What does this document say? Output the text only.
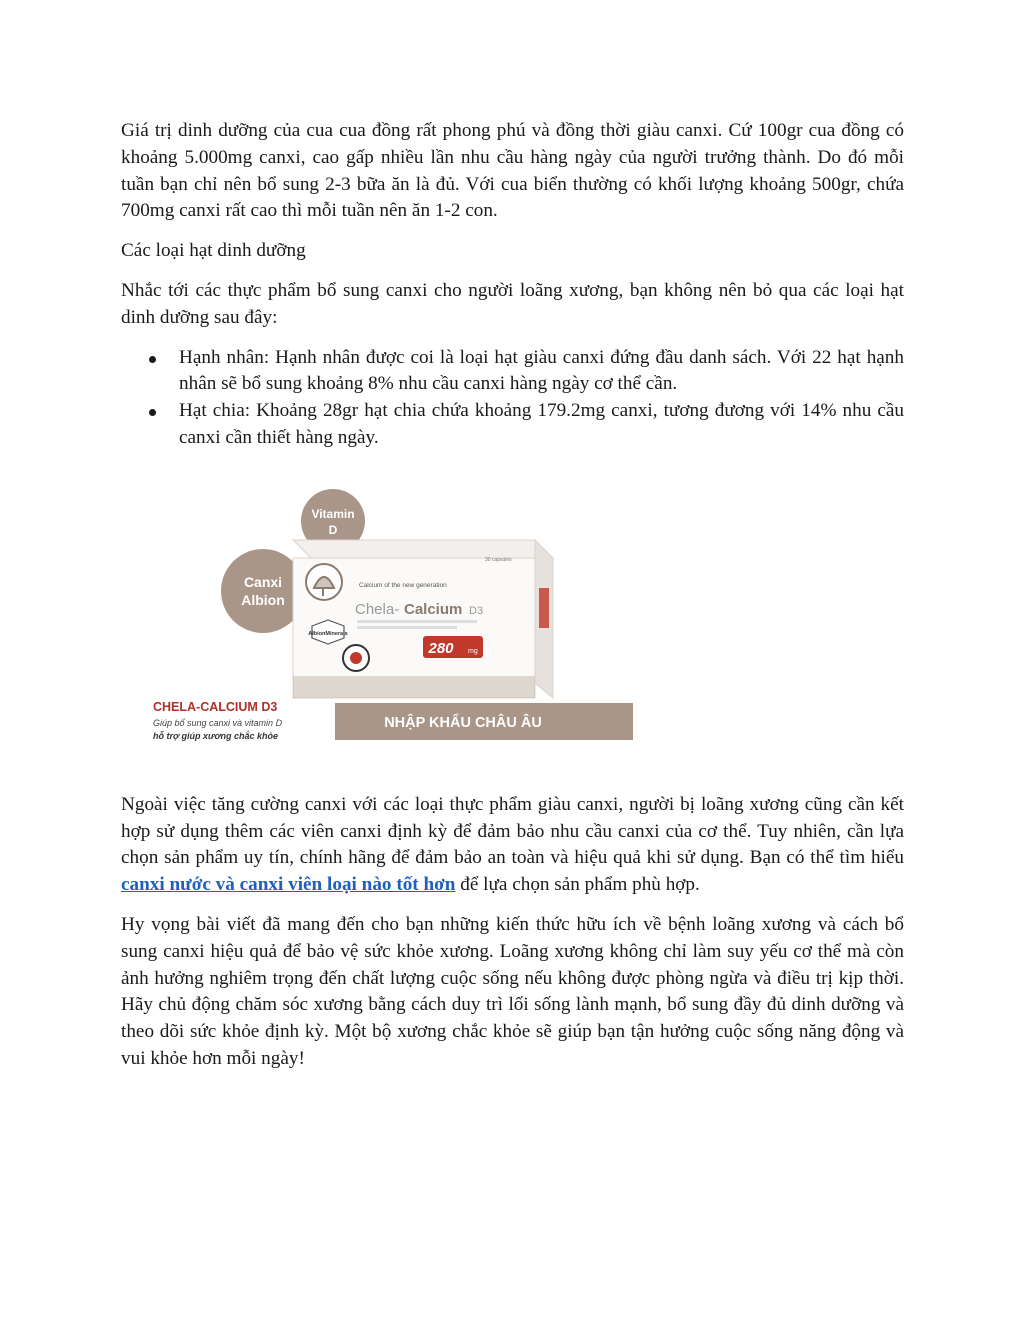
Giá trị dinh dưỡng của cua cua đồng rất phong phú và đồng thời giàu canxi. Cứ 100gr cua đồng có khoảng 5.000mg canxi, cao gấp nhiều lần nhu cầu hàng ngày của người trưởng thành. Do đó mỗi tuần bạn chỉ nên bổ sung 2-3 bữa ăn là đủ. Với cua biển thường có khối lượng khoảng 500gr, chứa 700mg canxi rất cao thì mỗi tuần nên ăn 1-2 con.

Các loại hạt dinh dưỡng

Nhắc tới các thực phẩm bổ sung canxi cho người loãng xương, bạn không nên bỏ qua các loại hạt dinh dưỡng sau đây:

Hạnh nhân: Hạnh nhân được coi là loại hạt giàu canxi đứng đầu danh sách. Với 22 hạt hạnh nhân sẽ bổ sung khoảng 8% nhu cầu canxi hàng ngày cơ thể cần.
Hạt chia: Khoảng 28gr hạt chia chứa khoảng 179.2mg canxi, tương đương với 14% nhu cầu canxi cần thiết hàng ngày.
Vitamin
D
Canxi
Albion
30 capsules
Calcium of the new generation
Chela- Calcium D3
AlbionMinerals
280 mg
CHELA-CALCIUM D3
Giúp bổ sung canxi và vitamin D
hỗ trợ giúp xương chắc khỏe
NHẬP KHẨU CHÂU ÂU

Ngoài việc tăng cường canxi với các loại thực phẩm giàu canxi, người bị loãng xương cũng cần kết hợp sử dụng thêm các viên canxi định kỳ để đảm bảo nhu cầu canxi của cơ thể. Tuy nhiên, cần lựa chọn sản phẩm uy tín, chính hãng để đảm bảo an toàn và hiệu quả khi sử dụng. Bạn có thể tìm hiểu canxi nước và canxi viên loại nào tốt hơn để lựa chọn sản phẩm phù hợp.

Hy vọng bài viết đã mang đến cho bạn những kiến thức hữu ích về bệnh loãng xương và cách bổ sung canxi hiệu quả để bảo vệ sức khỏe xương. Loãng xương không chỉ làm suy yếu cơ thể mà còn ảnh hưởng nghiêm trọng đến chất lượng cuộc sống nếu không được phòng ngừa và điều trị kịp thời. Hãy chủ động chăm sóc xương bằng cách duy trì lối sống lành mạnh, bổ sung đầy đủ dinh dưỡng và theo dõi sức khỏe định kỳ. Một bộ xương chắc khỏe sẽ giúp bạn tận hưởng cuộc sống năng động và vui khỏe hơn mỗi ngày!
